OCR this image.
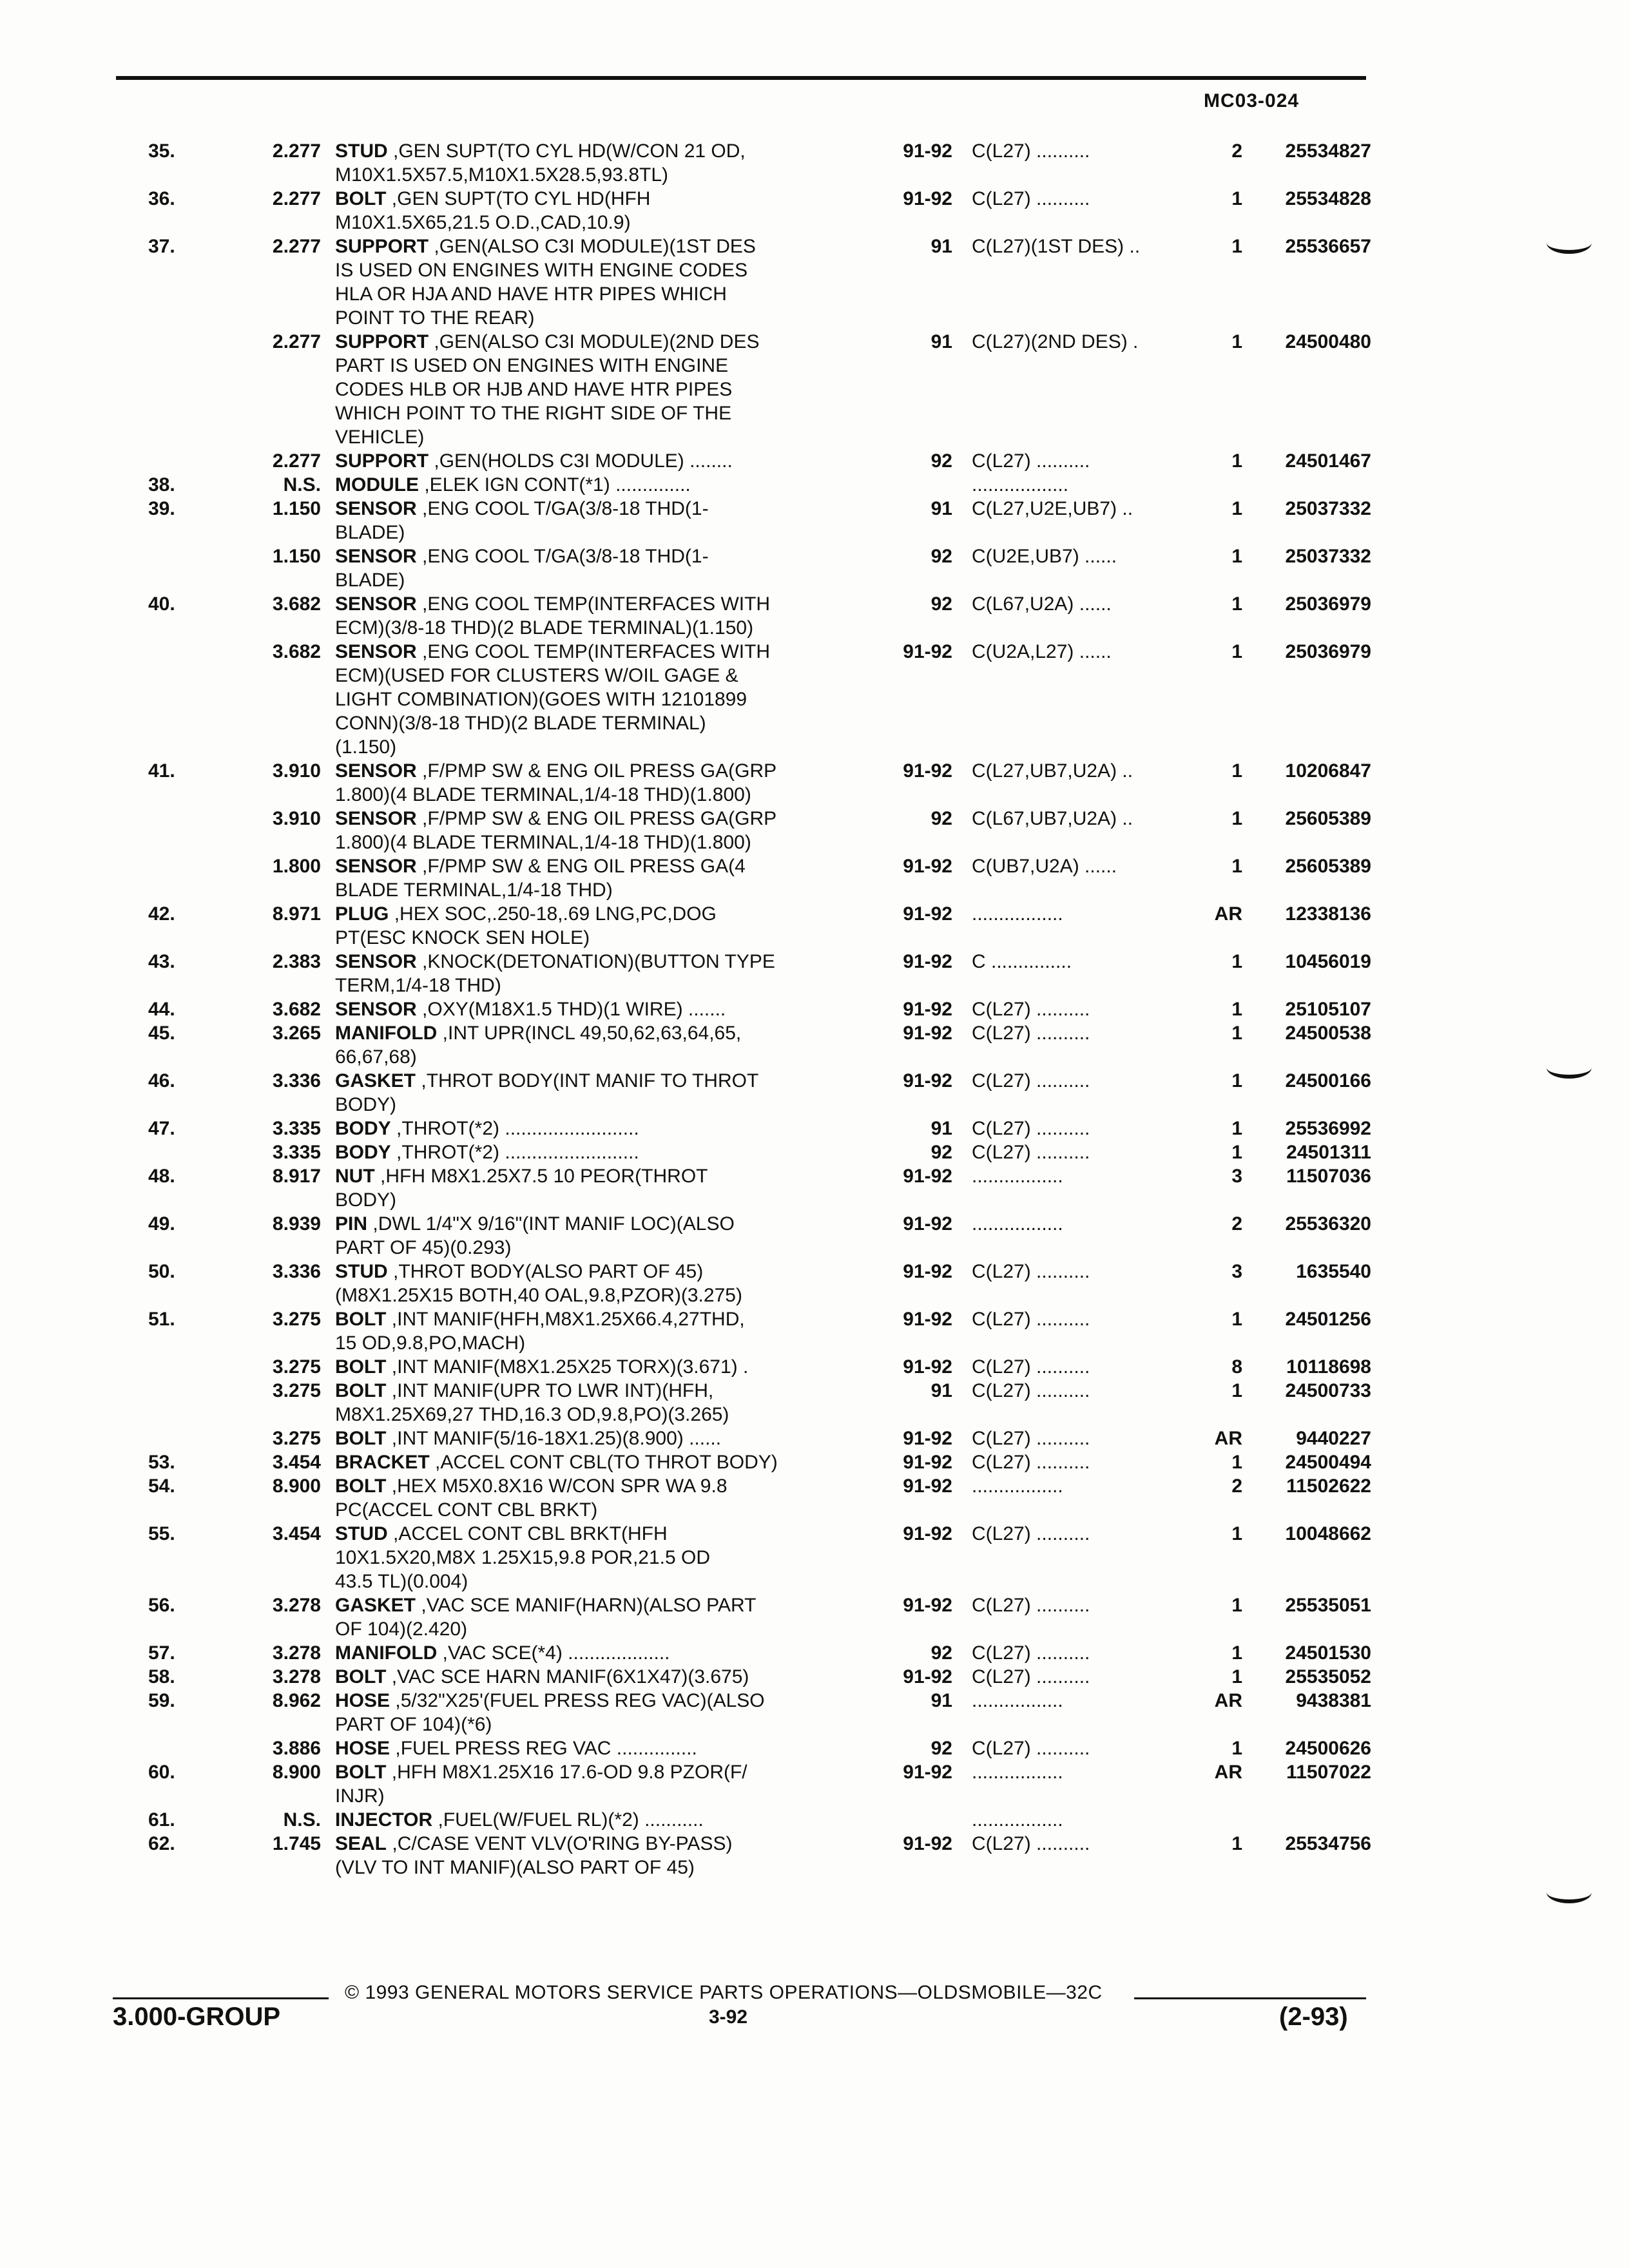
MC03-024
35.	2.277 STUD ,GEN SUPT(TO CYL HD(W/CON 21 OD,
M10X1.5X57.5,M10X1.5X28.5,93.8TL)
91-92	C(L27) ..........	2	25534827
36.	2.277 BOLT ,GEN SUPT(TO CYL HD(HFH
M10X1.5X65,21.5 O.D.,CAD,10.9)
91-92	C(L27) ..........	1	25534828
37.	2.277 SUPPORT ,GEN(ALSO C3I MODULE)(1ST DES
IS USED ON ENGINES WITH ENGINE CODES
HLA OR HJA AND HAVE HTR PIPES WHICH
POINT TO THE REAR)
91	C(L27)(1ST DES) ..	1	25536657
2.277 SUPPORT ,GEN(ALSO C3I MODULE)(2ND DES
PART IS USED ON ENGINES WITH ENGINE
CODES HLB OR HJB AND HAVE HTR PIPES
WHICH POINT TO THE RIGHT SIDE OF THE
VEHICLE)
91	C(L27)(2ND DES) .	1	24500480
2.277 SUPPORT ,GEN(HOLDS C3I MODULE) ........	92	C(L27) ..........	1	24501467
38.	N.S. MODULE ,ELEK IGN CONT(*1) ..............	..................
39.	1.150 SENSOR ,ENG COOL T/GA(3/8-18 THD(1-
BLADE)
91	C(L27,U2E,UB7) ..	1	25037332
1.150 SENSOR ,ENG COOL T/GA(3/8-18 THD(1-
BLADE)
92	C(U2E,UB7) ......	1	25037332
40.	3.682 SENSOR ,ENG COOL TEMP(INTERFACES WITH
ECM)(3/8-18 THD)(2 BLADE TERMINAL)(1.150)
92	C(L67,U2A) ......	1	25036979
3.682 SENSOR ,ENG COOL TEMP(INTERFACES WITH
ECM)(USED FOR CLUSTERS W/OIL GAGE &
LIGHT COMBINATION)(GOES WITH 12101899
CONN)(3/8-18 THD)(2 BLADE TERMINAL)
(1.150)
91-92	C(U2A,L27) ......	1	25036979
41.	3.910 SENSOR ,F/PMP SW & ENG OIL PRESS GA(GRP
1.800)(4 BLADE TERMINAL,1/4-18 THD)(1.800)
91-92	C(L27,UB7,U2A) ..	1	10206847
3.910 SENSOR ,F/PMP SW & ENG OIL PRESS GA(GRP
1.800)(4 BLADE TERMINAL,1/4-18 THD)(1.800)
92	C(L67,UB7,U2A) ..	1	25605389
1.800 SENSOR ,F/PMP SW & ENG OIL PRESS GA(4
BLADE TERMINAL,1/4-18 THD)
91-92	C(UB7,U2A) ......	1	25605389
42.	8.971 PLUG ,HEX SOC,.250-18,.69 LNG,PC,DOG
PT(ESC KNOCK SEN HOLE)
91-92	.................	AR	12338136
43.	2.383 SENSOR ,KNOCK(DETONATION)(BUTTON TYPE
TERM,1/4-18 THD)
91-92	C ...............	1	10456019
44.	3.682 SENSOR ,OXY(M18X1.5 THD)(1 WIRE) .......	91-92	C(L27) ..........	1	25105107
45.	3.265 MANIFOLD ,INT UPR(INCL 49,50,62,63,64,65,
66,67,68)
91-92	C(L27) ..........	1	24500538
46.	3.336 GASKET ,THROT BODY(INT MANIF TO THROT
BODY)
91-92	C(L27) ..........	1	24500166
47.	3.335 BODY ,THROT(*2) .........................	91	C(L27) ..........	1	25536992
3.335 BODY ,THROT(*2) .........................	92	C(L27) ..........	1	24501311
48.	8.917 NUT ,HFH M8X1.25X7.5 10 PEOR(THROT
BODY)
91-92	.................	3	11507036
49.	8.939 PIN ,DWL 1/4"X 9/16"(INT MANIF LOC)(ALSO
PART OF 45)(0.293)
91-92	.................	2	25536320
50.	3.336 STUD ,THROT BODY(ALSO PART OF 45)
(M8X1.25X15 BOTH,40 OAL,9.8,PZOR)(3.275)
91-92	C(L27) ..........	3	1635540
51.	3.275 BOLT ,INT MANIF(HFH,M8X1.25X66.4,27THD,
15 OD,9.8,PO,MACH)
91-92	C(L27) ..........	1	24501256
3.275 BOLT ,INT MANIF(M8X1.25X25 TORX)(3.671) .	91-92	C(L27) ..........	8	10118698
3.275 BOLT ,INT MANIF(UPR TO LWR INT)(HFH,
M8X1.25X69,27 THD,16.3 OD,9.8,PO)(3.265)
91	C(L27) ..........	1	24500733
3.275 BOLT ,INT MANIF(5/16-18X1.25)(8.900) ......	91-92	C(L27) ..........	AR	9440227
53.	3.454 BRACKET ,ACCEL CONT CBL(TO THROT BODY)	91-92	C(L27) ..........	1	24500494
54.	8.900 BOLT ,HEX M5X0.8X16 W/CON SPR WA 9.8
PC(ACCEL CONT CBL BRKT)
91-92	.................	2	11502622
55.	3.454 STUD ,ACCEL CONT CBL BRKT(HFH
10X1.5X20,M8X 1.25X15,9.8 POR,21.5 OD
43.5 TL)(0.004)
91-92	C(L27) ..........	1	10048662
56.	3.278 GASKET ,VAC SCE MANIF(HARN)(ALSO PART
OF 104)(2.420)
91-92	C(L27) ..........	1	25535051
57.	3.278 MANIFOLD ,VAC SCE(*4) ...................	92	C(L27) ..........	1	24501530
58.	3.278 BOLT ,VAC SCE HARN MANIF(6X1X47)(3.675)	91-92	C(L27) ..........	1	25535052
59.	8.962 HOSE ,5/32"X25'(FUEL PRESS REG VAC)(ALSO
PART OF 104)(*6)
91	.................	AR	9438381
3.886 HOSE ,FUEL PRESS REG VAC ...............	92	C(L27) ..........	1	24500626
60.	8.900 BOLT ,HFH M8X1.25X16 17.6-OD 9.8 PZOR(F/
INJR)
91-92	.................	AR	11507022
61.	N.S. INJECTOR ,FUEL(W/FUEL RL)(*2) ...........	.................
62.	1.745 SEAL ,C/CASE VENT VLV(O'RING BY-PASS)
(VLV TO INT MANIF)(ALSO PART OF 45)
91-92	C(L27) ..........	1	25534756
© 1993 GENERAL MOTORS SERVICE PARTS OPERATIONS—OLDSMOBILE—32C
3.000-GROUP	3-92	(2-93)
